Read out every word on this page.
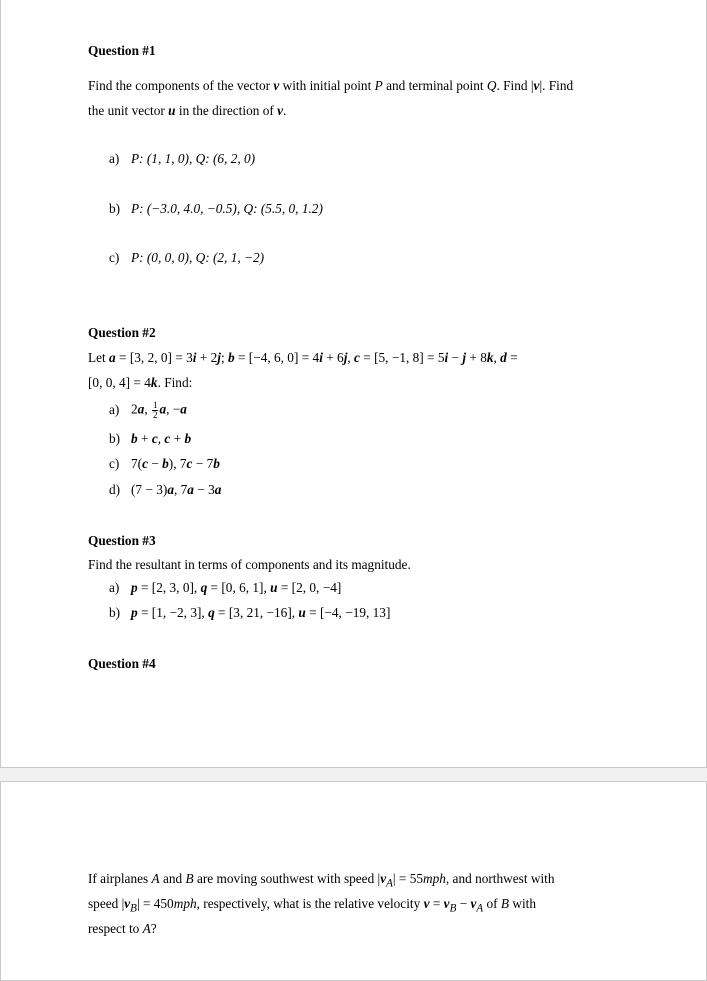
Question #1
Find the components of the vector v with initial point P and terminal point Q. Find |v|. Find
the unit vector u in the direction of v.
a) P: (1, 1, 0), Q: (6, 2, 0)
b) P: (−3.0, 4.0, −0.5), Q: (5.5, 0, 1.2)
c) P: (0, 0, 0), Q: (2, 1, −2)
Question #2
Let a = [3, 2, 0] = 3i + 2j; b = [−4, 6, 0] = 4i + 6j, c = [5, −1, 8] = 5i − j + 8k, d =
[0, 0, 4] = 4k. Find:
a) 2a, $\frac{1}{2} a$, −a
b) b + c, c + b
c) 7(c − b), 7c − 7b
d) (7 − 3)a, 7a − 3a
Question #3
Find the resultant in terms of components and its magnitude.
a) p = [2, 3, 0], q = [0, 6, 1], u = [2, 0, −4]
b) p = [1, −2, 3], q = [3, 21, −16], u = [−4, −19, 13]
Question #4
If airplanes A and B are moving southwest with speed $|v_A| = 55mph$, and northwest with
speed $|v_B| = 450mph$, respectively, what is the relative velocity $v = v_B - v_A$ of B with
respect to A?
